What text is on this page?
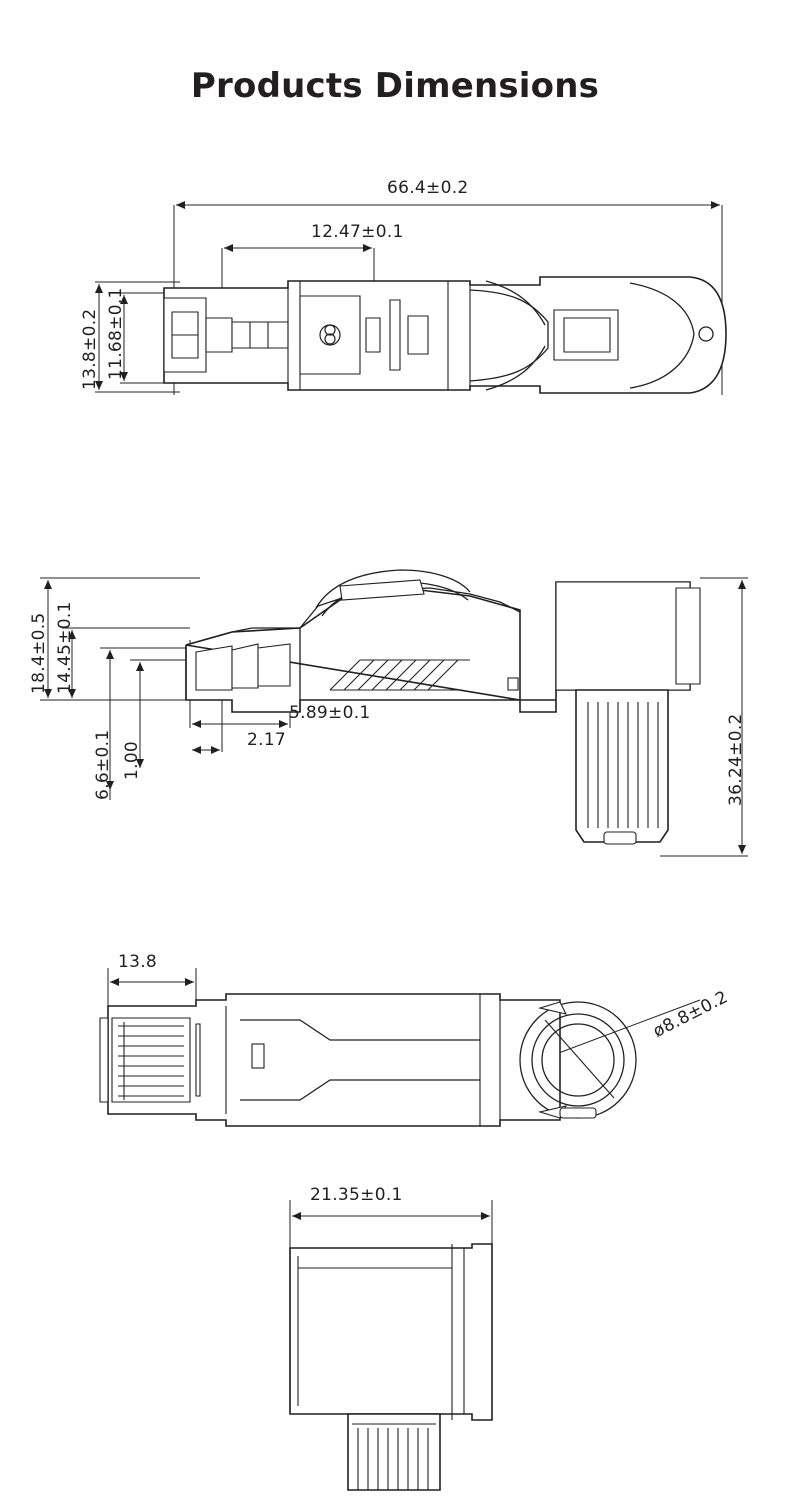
Products Dimensions
66.4±0.2
12.47±0.1
13.8±0.2 11.68±0.1
18.4±0.5 14.45±0.1
36.24±0.2
5.89±0.1
2.17
6.6±0.1 1.00
13.8
ø8.8±0.2
21.35±0.1
